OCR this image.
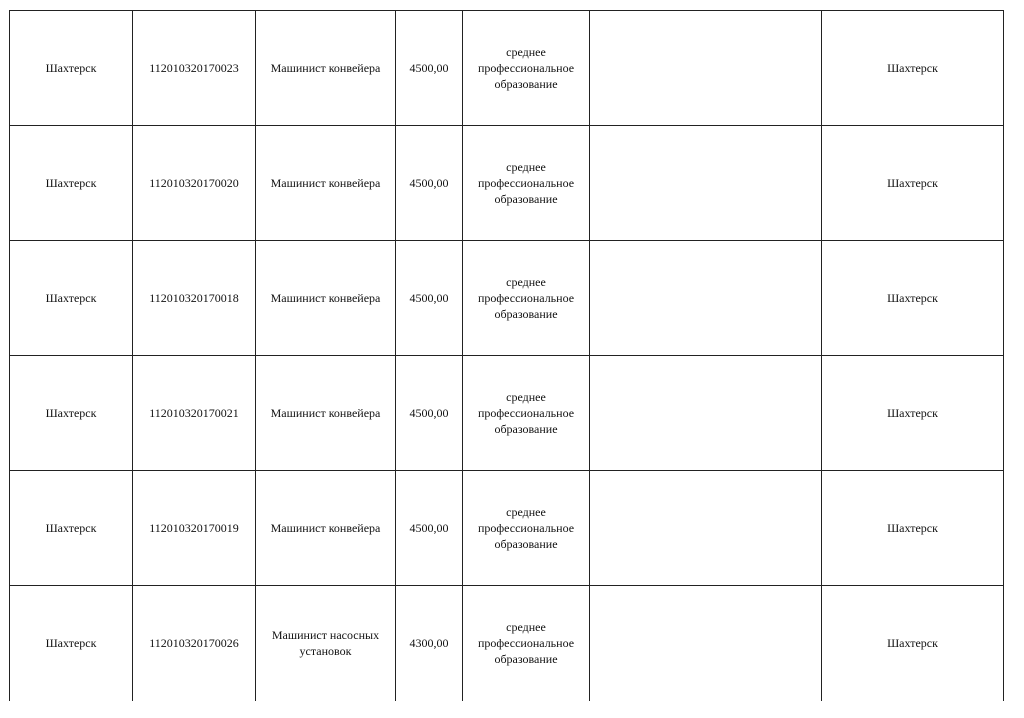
Шахтерск	112010320170023	Машинист конвейера	4500,00	среднее профессиональное образование		Шахтерск
Шахтерск	112010320170020	Машинист конвейера	4500,00	среднее профессиональное образование		Шахтерск
Шахтерск	112010320170018	Машинист конвейера	4500,00	среднее профессиональное образование		Шахтерск
Шахтерск	112010320170021	Машинист конвейера	4500,00	среднее профессиональное образование		Шахтерск
Шахтерск	112010320170019	Машинист конвейера	4500,00	среднее профессиональное образование		Шахтерск
Шахтерск	112010320170026	Машинист насосных установок	4300,00	среднее профессиональное образование		Шахтерск
